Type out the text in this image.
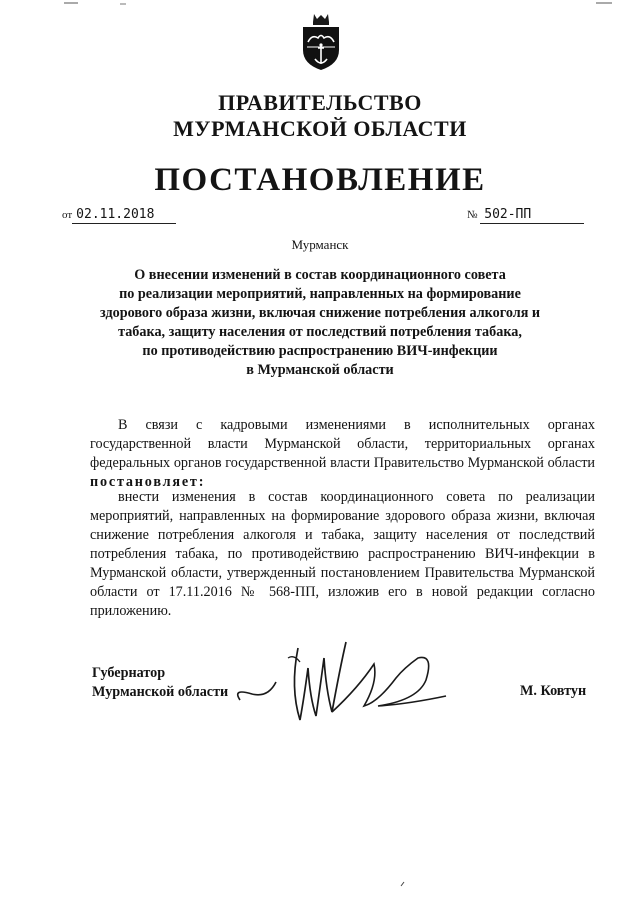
ПРАВИТЕЛЬСТВО
МУРМАНСКОЙ ОБЛАСТИ
ПОСТАНОВЛЕНИЕ
от 02.11.2018	№ 502-ПП
Мурманск
О внесении изменений в состав координационного совета
по реализации мероприятий, направленных на формирование
здорового образа жизни, включая снижение потребления алкоголя и
табака, защиту населения от последствий потребления табака,
по противодействию распространению ВИЧ-инфекции
в Мурманской области

В связи с кадровыми изменениями в исполнительных органах государственной власти Мурманской области, территориальных органах федеральных органов государственной власти Правительство Мурманской области постановляет:

внести изменения в состав координационного совета по реализации мероприятий, направленных на формирование здорового образа жизни, включая снижение потребления алкоголя и табака, защиту населения от последствий потребления табака, по противодействию распространению ВИЧ-инфекции в Мурманской области, утвержденный постановлением Правительства Мурманской области от 17.11.2016 № 568-ПП, изложив его в новой редакции согласно приложению.

Губернатор
Мурманской области	М. Ковтун
